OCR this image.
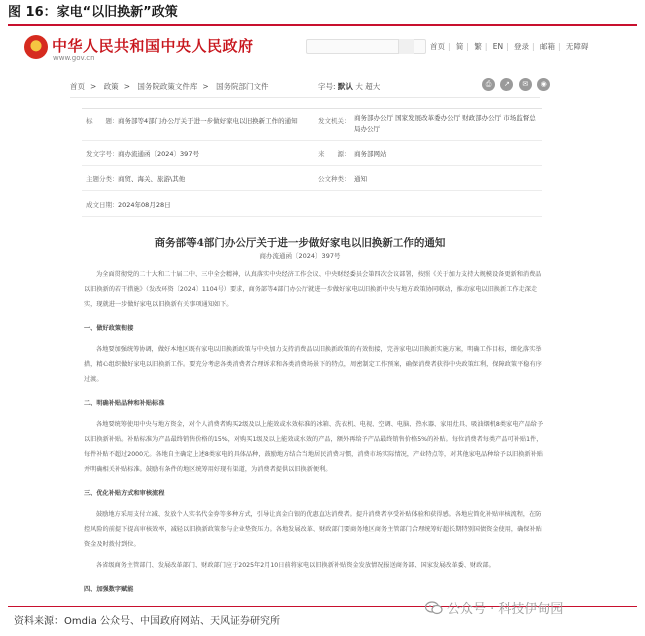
图 16：家电“以旧换新”政策
中华人民共和国中央人民政府
www.gov.cn
首页 | 简 | 繁 | EN | 登录 | 邮箱 | 无障碍
首页 > 政策 > 国务院政策文件库 > 国务院部门文件	字号: 默认 大 超大	⎙ ↗ ✉ ◉
标　　题： 商务部等4部门办公厅关于进一步做好家电以旧换新工作的通知	发文机关： 商务部办公厅 国家发展改革委办公厅 财政部办公厅 市场监督总局办公厅
发文字号： 商办流通函〔2024〕397号	来　　源： 商务部网站
主题分类： 商贸、海关、旅游\其他	公文种类： 通知
成文日期： 2024年08月28日
商务部等4部门办公厅关于进一步做好家电以旧换新工作的通知
商办流通函〔2024〕397号

为全面贯彻党的二十大和二十届二中、三中全会精神，认真落实中央经济工作会议、中央财经委员会第四次会议部署，按照《关于加力支持大规模设备更新和消费品以旧换新的若干措施》（发改环资〔2024〕1104号）要求，商务部等4部门办公厅就进一步做好家电以旧换新中央与地方政策协同联动，推动家电以旧换新工作走深走实，现就进一步做好家电以旧换新有关事项通知如下。

一、做好政策衔接

各地要加强统筹协调，做好本地区既有家电以旧换新政策与中央加力支持消费品以旧换新政策的有效衔接，完善家电以旧换新实施方案，明确工作目标，细化落实举措，精心组织做好家电以旧换新工作。要充分考虑各类消费者合理诉求和各类消费场景下的特点，周密制定工作预案，确保消费者获得中央政策红利，保障政策平稳有序过渡。

二、明确补贴品种和补贴标准

各地要统筹使用中央与地方资金，对个人消费者购买2级及以上能效或水效标准的冰箱、洗衣机、电视、空调、电脑、热水器、家用灶具、吸油烟机8类家电产品给予以旧换新补贴。补贴标准为产品最终销售价格的15%，对购买1级及以上能效或水效的产品，额外再给予产品最终销售价格5%的补贴。每位消费者每类产品可补贴1件，每件补贴不超过2000元。各地自主确定上述8类家电的具体品种，鼓励地方结合当地居民消费习惯，消费市场实际情况，产业特点等，对其他家电品种给予以旧换新补贴并明确相关补贴标准。鼓励有条件的地区统筹用好现有渠道，为消费者提供以旧换新便利。

三、优化补贴方式和审核流程

鼓励地方采用支付立减、发放个人实名代金券等多种方式，引导让真金白银的优惠直达消费者。提升消费者享受补贴体验和获得感。各地应简化补贴审核流程，在防控风险的前提下提高审核效率，减轻以旧换新政策参与企业垫资压力。各地发展改革、财政部门要商务地区商务主管部门合理统筹好超长期特别国债资金使用，确保补贴资金及时拨付到位。

各省级商务主管部门、发展改革部门、财政部门应于2025年2月10日前将家电以旧换新补贴资金发放情况报送商务部、国家发展改革委、财政部。

四、加强数字赋能

资料来源：Omdia 公众号、中国政府网站、天风证券研究所
公众号 · 科技伊甸园
